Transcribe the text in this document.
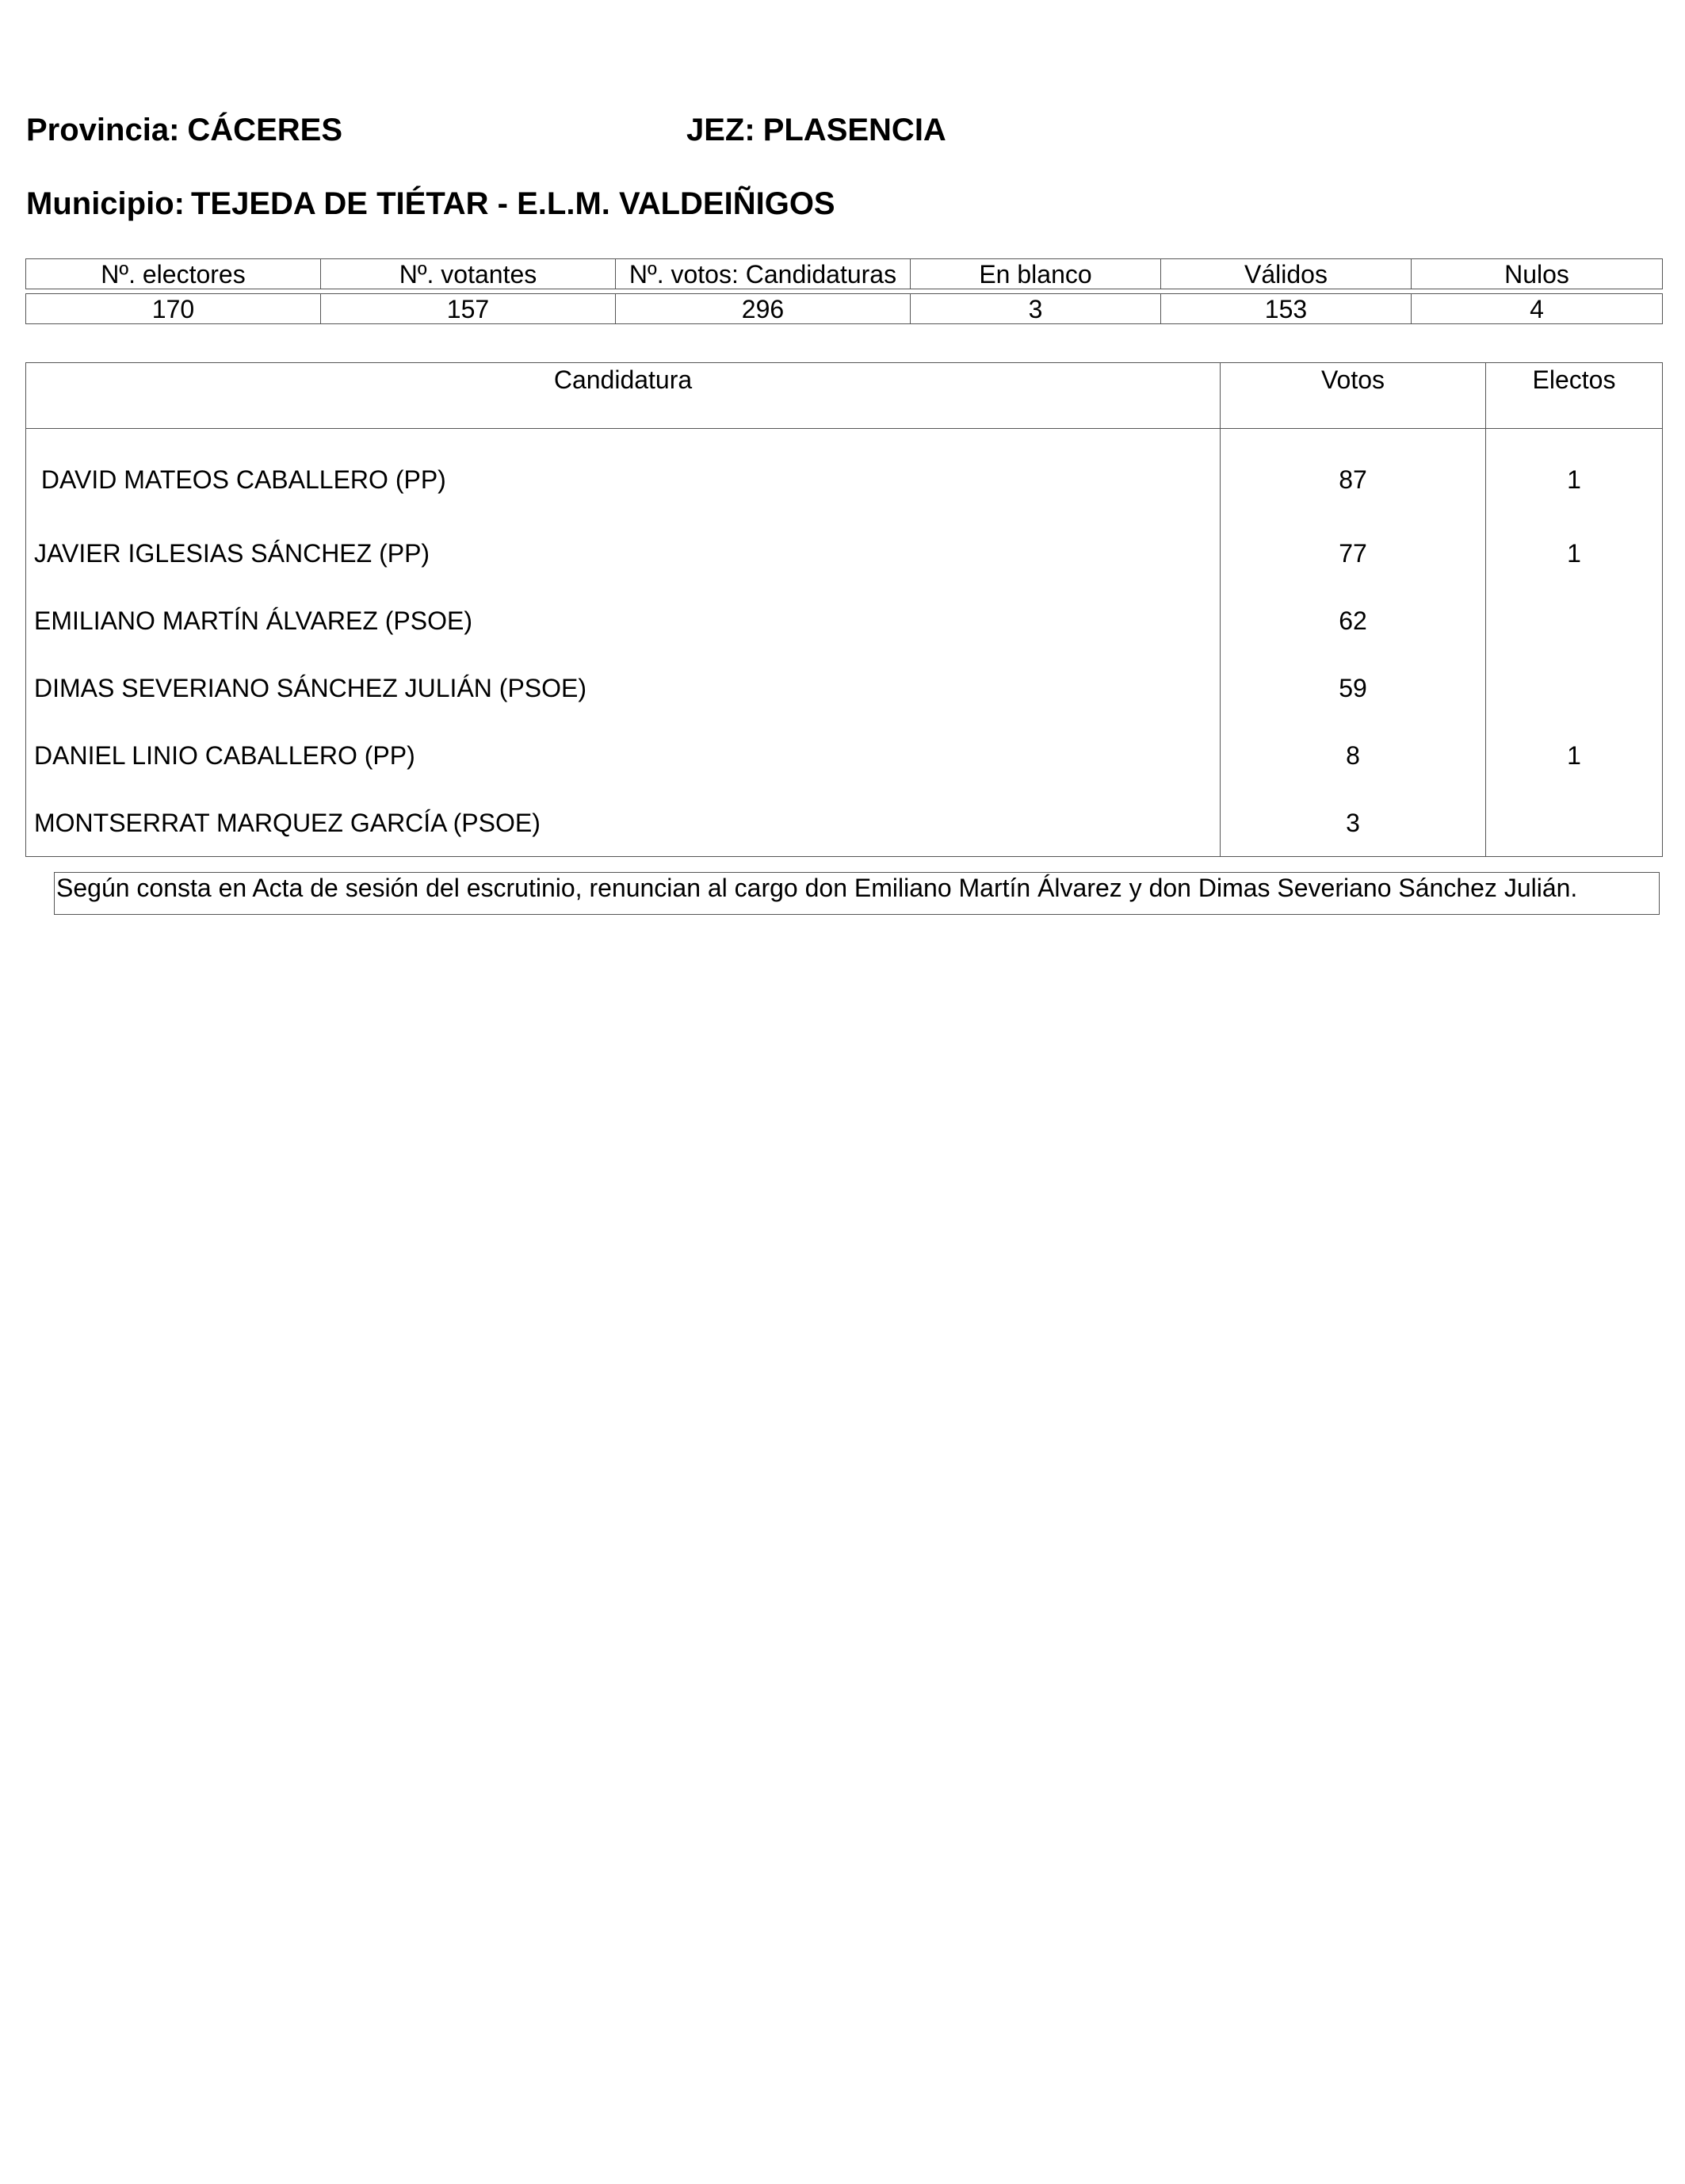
Provincia: CÁCERES	JEZ: PLASENCIA
Municipio: TEJEDA DE TIÉTAR - E.L.M. VALDEIÑIGOS
Nº. electores	Nº. votantes	Nº. votos: Candidaturas	En blanco	Válidos	Nulos

170	157	296	3	153	4
Candidatura	Votos	Electos
DAVID MATEOS CABALLERO (PP)	87	1
JAVIER IGLESIAS SÁNCHEZ (PP)	77	1
EMILIANO MARTÍN ÁLVAREZ (PSOE)	62	
DIMAS SEVERIANO SÁNCHEZ JULIÁN (PSOE)	59	
DANIEL LINIO CABALLERO (PP)	8	1
MONTSERRAT MARQUEZ GARCÍA (PSOE)	3	
Según consta en Acta de sesión del escrutinio, renuncian al cargo don Emiliano Martín Álvarez y don Dimas Severiano Sánchez Julián.
